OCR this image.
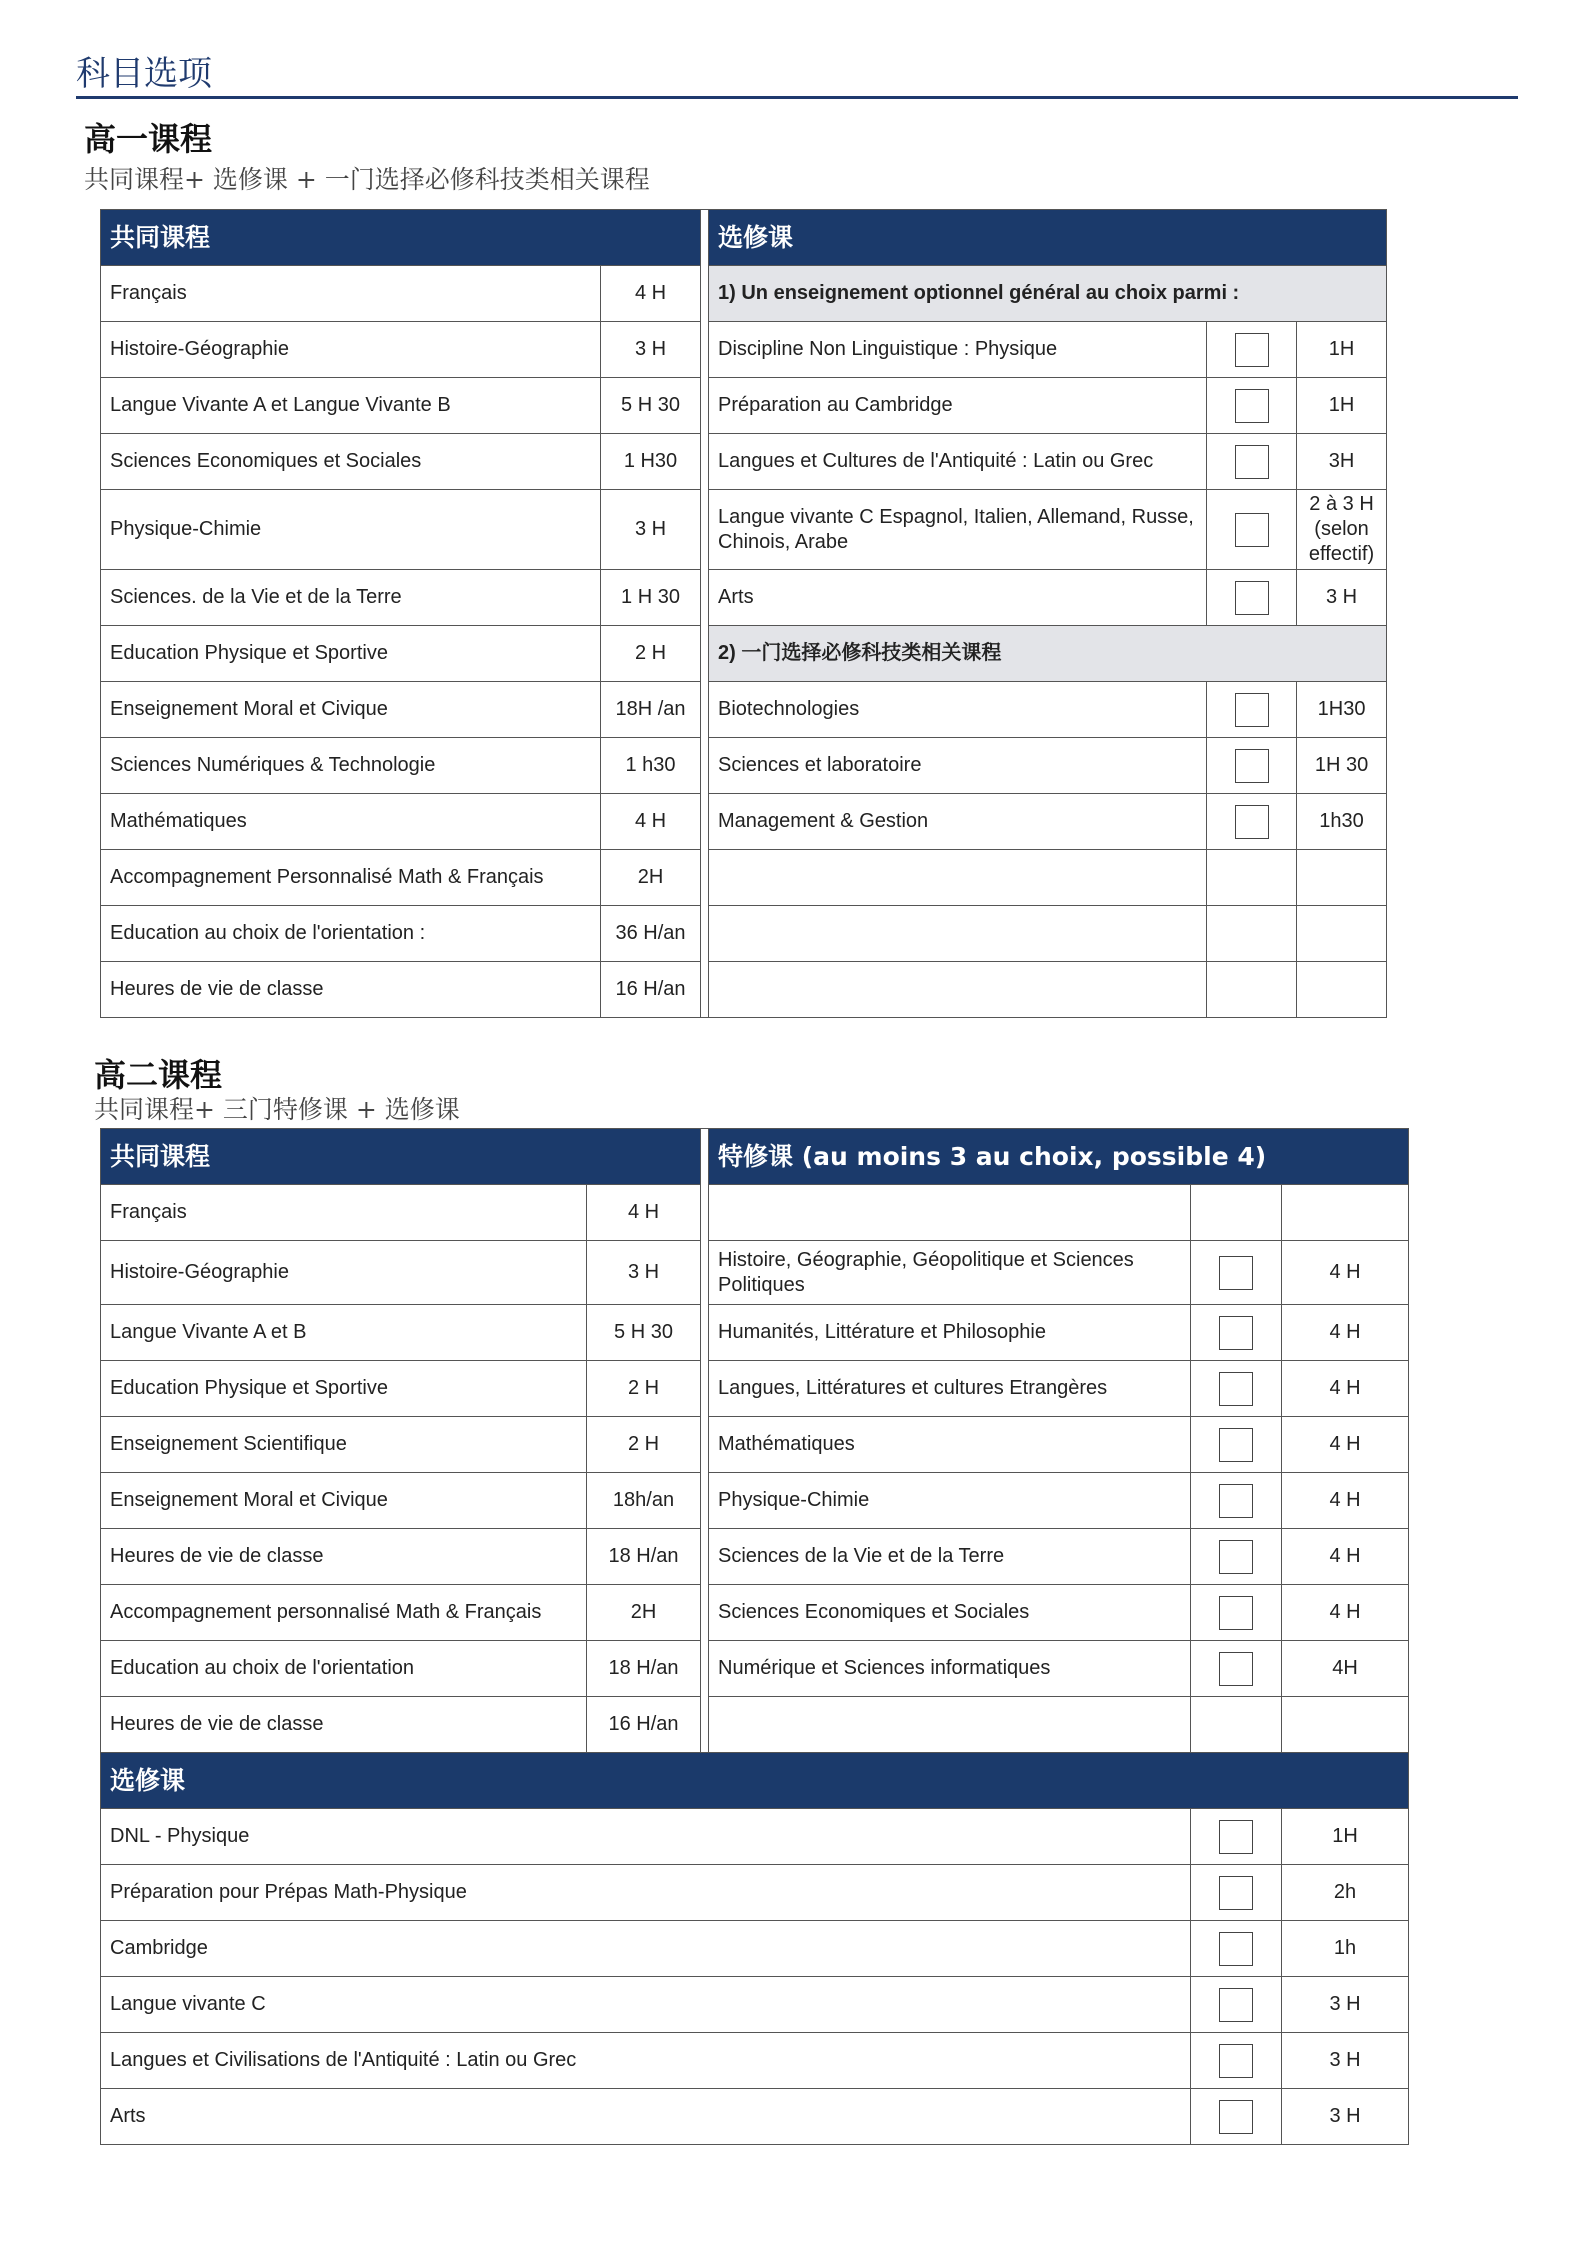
科目选项
高一课程
共同课程+ 选修课 + 一门选择必修科技类相关课程
共同课程			选修课		
Français	4 H		1) Un enseignement optionnel général au choix parmi :		
Histoire-Géographie	3 H		Discipline Non Linguistique : Physique		1H
Langue Vivante A et Langue Vivante B	5 H 30		Préparation au Cambridge		1H
Sciences Economiques et Sociales	1 H30		Langues et Cultures de l'Antiquité : Latin ou Grec		3H
Physique-Chimie	3 H		Langue vivante C Espagnol, Italien, Allemand, Russe, Chinois, Arabe		2 à 3 H (selon effectif)
Sciences. de la Vie et de la Terre	1 H 30		Arts		3 H
Education Physique et Sportive	2 H		2) 一门选择必修科技类相关课程		
Enseignement Moral et Civique	18H /an		Biotechnologies		1H30
Sciences Numériques & Technologie	1 h30		Sciences et laboratoire		1H 30
Mathématiques	4 H		Management & Gestion		1h30
Accompagnement Personnalisé Math & Français	2H				
Education au choix de l'orientation :	36 H/an				
Heures de vie de classe	16 H/an				
高二课程
共同课程+ 三门特修课 + 选修课
共同课程			特修课 (au moins 3 au choix, possible 4)		
Français	4 H				
Histoire-Géographie	3 H		Histoire, Géographie, Géopolitique et Sciences Politiques		4 H
Langue Vivante A et B	5 H 30		Humanités, Littérature et Philosophie		4 H
Education Physique et Sportive	2 H		Langues, Littératures et cultures Etrangères		4 H
Enseignement Scientifique	2 H		Mathématiques		4 H
Enseignement Moral et Civique	18h/an		Physique-Chimie		4 H
Heures de vie de classe	18 H/an		Sciences de la Vie et de la Terre		4 H
Accompagnement personnalisé Math & Français	2H		Sciences Economiques et Sociales		4 H
Education au choix de l'orientation	18 H/an		Numérique et Sciences informatiques		4H
Heures de vie de classe	16 H/an				
选修课					
DNL - Physique					1H
Préparation pour Prépas Math-Physique					2h
Cambridge					1h
Langue vivante C					3 H
Langues et Civilisations de l'Antiquité : Latin ou Grec					3 H
Arts					3 H
